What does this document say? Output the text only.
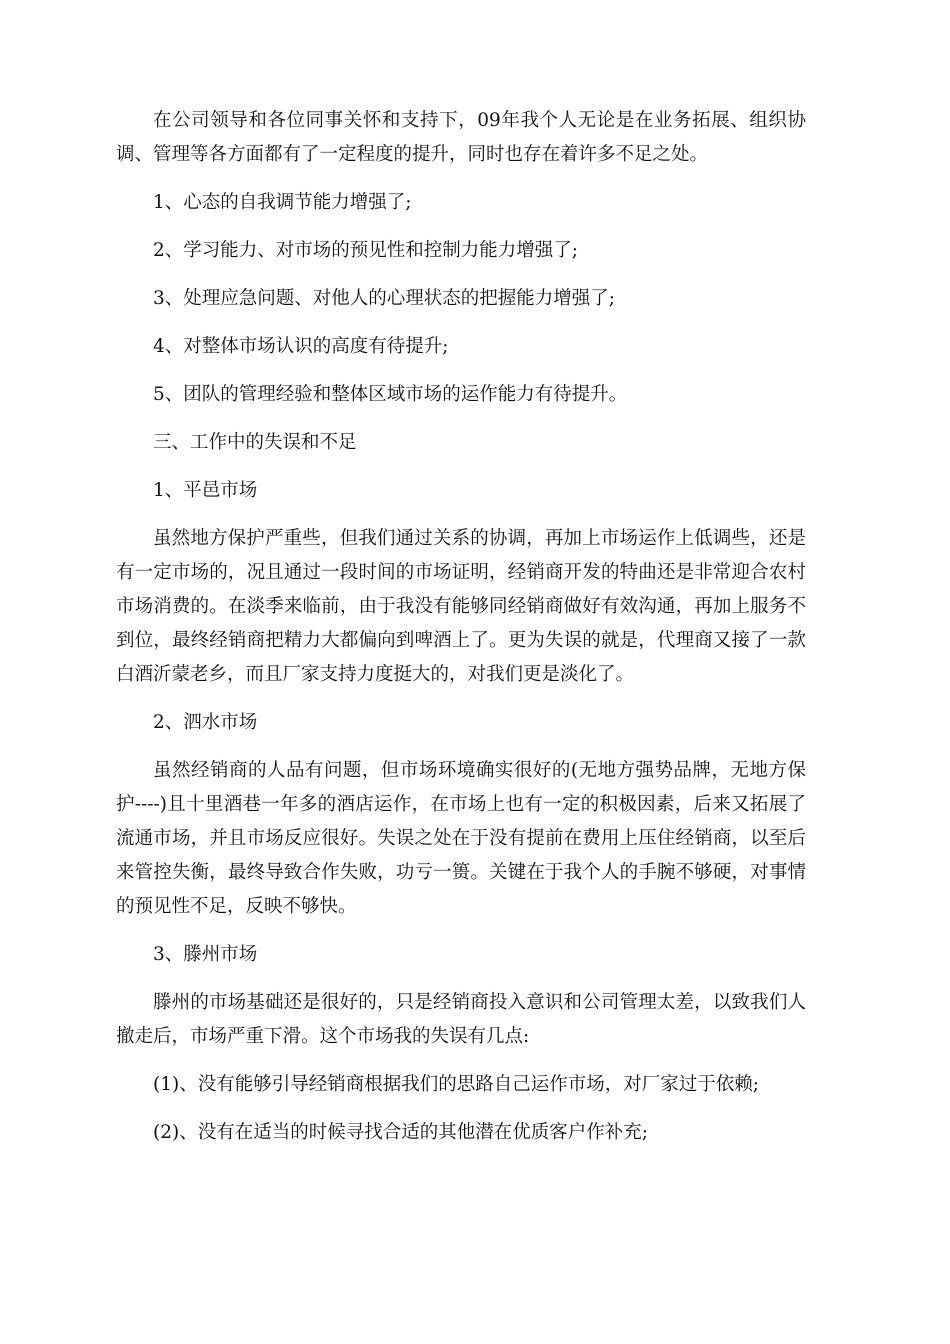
在公司领导和各位同事关怀和支持下，09年我个人无论是在业务拓展、组织协调、管理等各方面都有了一定程度的提升，同时也存在着许多不足之处。

1、心态的自我调节能力增强了;

2、学习能力、对市场的预见性和控制力能力增强了;

3、处理应急问题、对他人的心理状态的把握能力增强了;

4、对整体市场认识的高度有待提升;

5、团队的管理经验和整体区域市场的运作能力有待提升。

三、工作中的失误和不足

1、平邑市场

虽然地方保护严重些，但我们通过关系的协调，再加上市场运作上低调些，还是有一定市场的，况且通过一段时间的市场证明，经销商开发的特曲还是非常迎合农村市场消费的。在淡季来临前，由于我没有能够同经销商做好有效沟通，再加上服务不到位，最终经销商把精力大都偏向到啤酒上了。更为失误的就是，代理商又接了一款白酒沂蒙老乡，而且厂家支持力度挺大的，对我们更是淡化了。

2、泗水市场

虽然经销商的人品有问题，但市场环境确实很好的(无地方强势品牌，无地方保护----)且十里酒巷一年多的酒店运作，在市场上也有一定的积极因素，后来又拓展了流通市场，并且市场反应很好。失误之处在于没有提前在费用上压住经销商，以至后来管控失衡，最终导致合作失败，功亏一篑。关键在于我个人的手腕不够硬，对事情的预见性不足，反映不够快。

3、滕州市场

滕州的市场基础还是很好的，只是经销商投入意识和公司管理太差，以致我们人撤走后，市场严重下滑。这个市场我的失误有几点:

(1)、没有能够引导经销商根据我们的思路自己运作市场，对厂家过于依赖;

(2)、没有在适当的时候寻找合适的其他潜在优质客户作补充;
